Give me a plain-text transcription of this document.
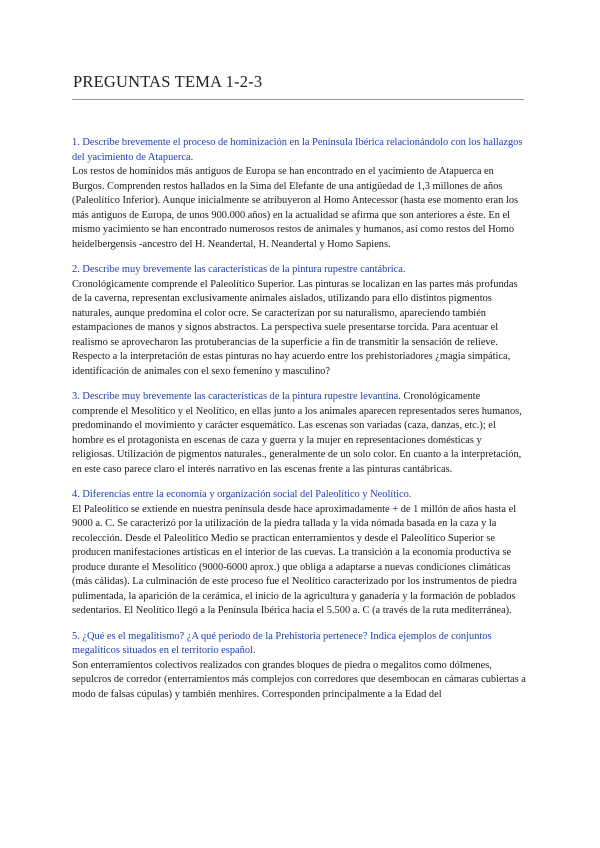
PREGUNTAS TEMA 1-2-3

1. Describe brevemente el proceso de hominización en la Península Ibérica relacionándolo con los hallazgos del yacimiento de Atapuerca.
Los restos de homínidos más antiguos de Europa se han encontrado en el yacimiento de Atapuerca en Burgos. Comprenden restos hallados en la Sima del Elefante de una antigüedad de 1,3 millones de años (Paleolítico Inferior). Aunque inicialmente se atribuyeron al Homo Antecessor (hasta ese momento eran los más antiguos de Europa, de unos 900.000 años) en la actualidad se afirma que son anteriores a éste. En el mismo yacimiento se han encontrado numerosos restos de animales y humanos, así como restos del Homo heidelbergensis -ancestro del H. Neandertal, H. Neandertal y Homo Sapiens.

2. Describe muy brevemente las características de la pintura rupestre cantábrica.
Cronológicamente comprende el Paleolítico Superior. Las pinturas se localizan en las partes más profundas de la caverna, representan exclusivamente animales aislados, utilizando para ello distintos pigmentos naturales, aunque predomina el color ocre. Se caracterizan por su naturalismo, apareciendo también estampaciones de manos y signos abstractos. La perspectiva suele presentarse torcida. Para acentuar el realismo se aprovecharon las protuberancias de la superficie a fin de transmitir la sensación de relieve. Respecto a la interpretación de estas pinturas no hay acuerdo entre los prehistoriadores ¿magia simpática, identificación de animales con el sexo femenino y masculino?

3. Describe muy brevemente las características de la pintura rupestre levantina. Cronológicamente comprende el Mesolítico y el Neolítico, en ellas junto a los animales aparecen representados seres humanos, predominando el movimiento y carácter esquemático. Las escenas son variadas (caza, danzas, etc.); el hombre es el protagonista en escenas de caza y guerra y la mujer en representaciones domésticas y religiosas. Utilización de pigmentos naturales., generalmente de un solo color. En cuanto a la interpretación, en este caso parece claro el interés narrativo en las escenas frente a las pinturas cantábricas.

4. Diferencias entre la economía y organización social del Paleolítico y Neolítico.
El Paleolítico se extiende en nuestra península desde hace aproximadamente + de 1 millón de años hasta el 9000 a. C. Se caracterizó por la utilización de la piedra tallada y la vida nómada basada en la caza y la recolección. Desde el Paleolítico Medio se practican enterramientos y desde el Paleolítico Superior se producen manifestaciones artísticas en el interior de las cuevas. La transición a la economía productiva se produce durante el Mesolítico (9000-6000 aprox.) que obliga a adaptarse a nuevas condiciones climáticas (más cálidas). La culminación de este proceso fue el Neolítico caracterizado por los instrumentos de piedra pulimentada, la aparición de la cerámica, el inicio de la agricultura y ganadería y la formación de poblados sedentarios. El Neolítico llegó a la Península Ibérica hacia el 5.500 a. C (a través de la ruta mediterránea).

5. ¿Qué es el megalitismo? ¿A qué periodo de la Prehistoria pertenece? Indica ejemplos de conjuntos megalíticos situados en el territorio español.
Son enterramientos colectivos realizados con grandes bloques de piedra o megalitos como dólmenes, sepulcros de corredor (enterramientos más complejos con corredores que desembocan en cámaras cubiertas a modo de falsas cúpulas) y también menhires. Corresponden principalmente a la Edad del
